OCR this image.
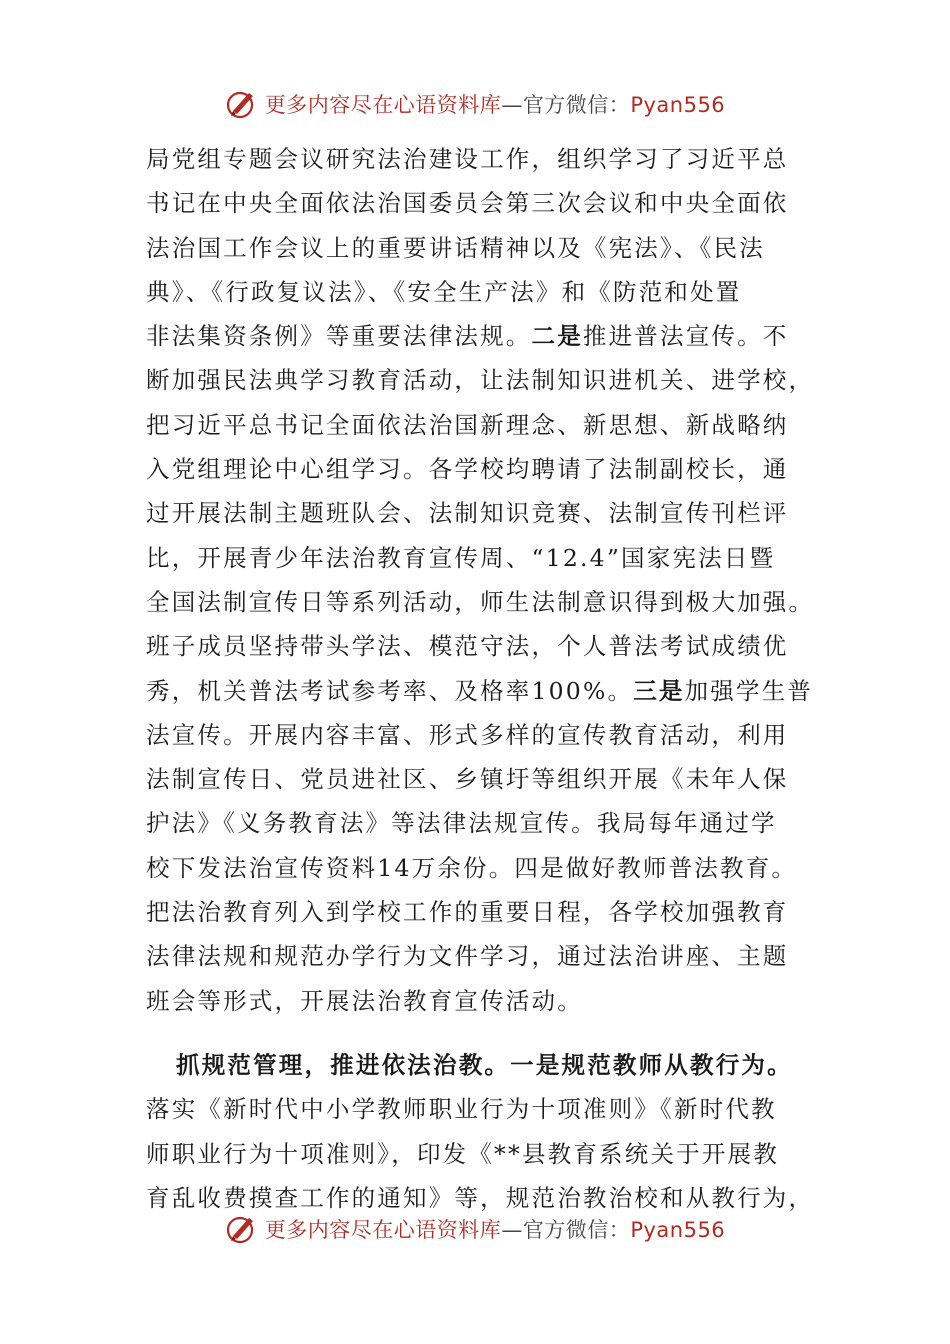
更多内容尽在心语资料库—官方微信：Pyan556
局党组专题会议研究法治建设工作，组织学习了习近平总
书记在中央全面依法治国委员会第三次会议和中央全面依
法治国工作会议上的重要讲话精神以及《宪法》、《民法
典》、《行政复议法》、《安全生产法》和《防范和处置
非法集资条例》等重要法律法规。二是推进普法宣传。不
断加强民法典学习教育活动，让法制知识进机关、进学校，
把习近平总书记全面依法治国新理念、新思想、新战略纳
入党组理论中心组学习。各学校均聘请了法制副校长，通
过开展法制主题班队会、法制知识竞赛、法制宣传刊栏评
比，开展青少年法治教育宣传周、“12.4”国家宪法日暨
全国法制宣传日等系列活动，师生法制意识得到极大加强。
班子成员坚持带头学法、模范守法，个人普法考试成绩优
秀，机关普法考试参考率、及格率100%。三是加强学生普
法宣传。开展内容丰富、形式多样的宣传教育活动，利用
法制宣传日、党员进社区、乡镇圩等组织开展《未年人保
护法》《义务教育法》等法律法规宣传。我局每年通过学
校下发法治宣传资料14万余份。四是做好教师普法教育。
把法治教育列入到学校工作的重要日程，各学校加强教育
法律法规和规范办学行为文件学习，通过法治讲座、主题
班会等形式，开展法治教育宣传活动。
抓规范管理，推进依法治教。一是规范教师从教行为。
落实《新时代中小学教师职业行为十项准则》《新时代教
师职业行为十项准则》，印发《**县教育系统关于开展教
育乱收费摸查工作的通知》等，规范治教治校和从教行为，
更多内容尽在心语资料库—官方微信：Pyan556
